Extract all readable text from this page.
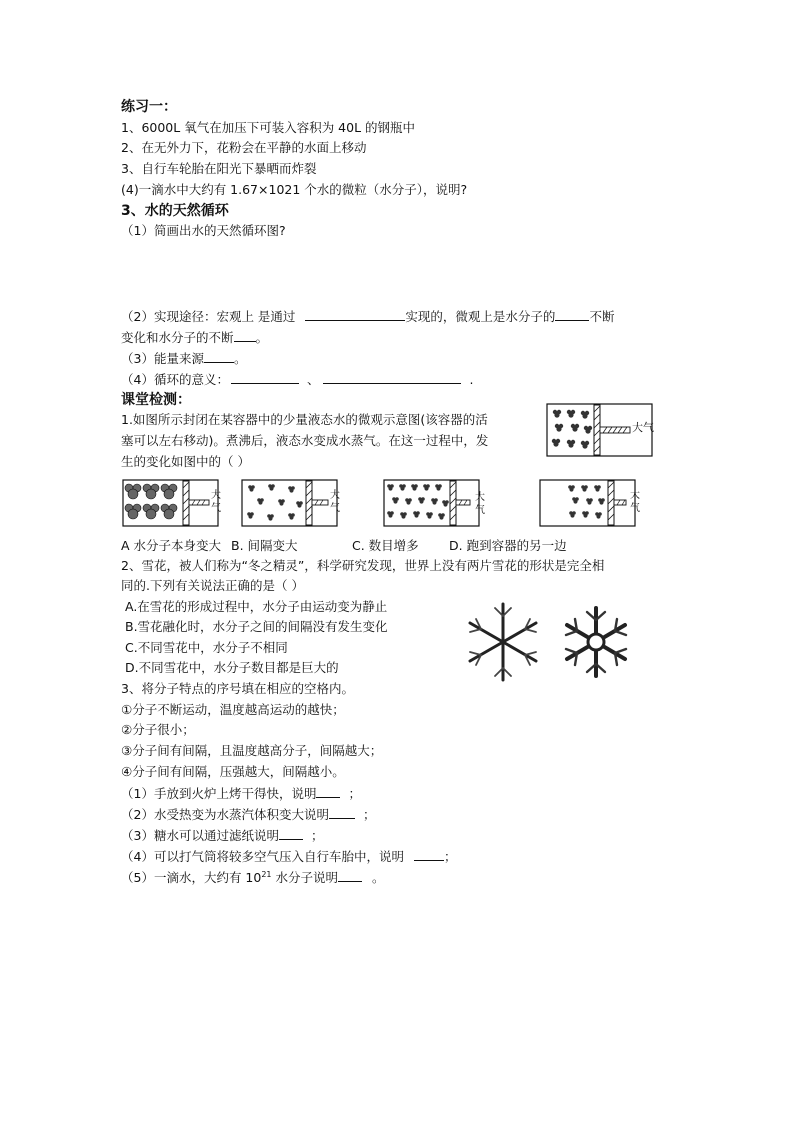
练习一：
1、6000L 氧气在加压下可装入容积为 40L 的钢瓶中
2、在无外力下，花粉会在平静的水面上移动
3、自行车轮胎在阳光下暴晒而炸裂
(4)一滴水中大约有 1.67×1021 个水的微粒（水分子），说明?
3、水的天然循环
（1）简画出水的天然循环图?
（2）实现途径：宏观上 是通过	实现的，微观上是水分子的	不断
变化和水分子的不断 。
（3）能量来源 。
（4）循环的意义：	、	.
课堂检测：
1.如图所示封闭在某容器中的少量液态水的微观示意图(该容器的活
塞可以左右移动)。煮沸后，液态水变成水蒸气。在这一过程中，发
生的变化如图中的（ ）
大气
大
气
大
气
大
气
大
气
A 水分子本身变大 B. 间隔变大	C. 数目增多 D. 跑到容器的另一边
2、雪花，被人们称为“冬之精灵”，科学研究发现，世界上没有两片雪花的形状是完全相
同的.下列有关说法正确的是（ ）
A.在雪花的形成过程中，水分子由运动变为静止
B.雪花融化时，水分子之间的间隔没有发生变化
C.不同雪花中，水分子不相同
D.不同雪花中，水分子数目都是巨大的
3、将分子特点的序号填在相应的空格内。
①分子不断运动，温度越高运动的越快；
②分子很小；
③分子间有间隔，且温度越高分子，间隔越大；
④分子间有间隔，压强越大，间隔越小。
（1）手放到火炉上烤干得快，说明	；
（2）水受热变为水蒸汽体积变大说明	；
（3）糖水可以通过滤纸说明	；
（4）可以打气筒将较多空气压入自行车胎中，说明	；
（5）一滴水，大约有 $10^{21}$ 水分子说明	。
